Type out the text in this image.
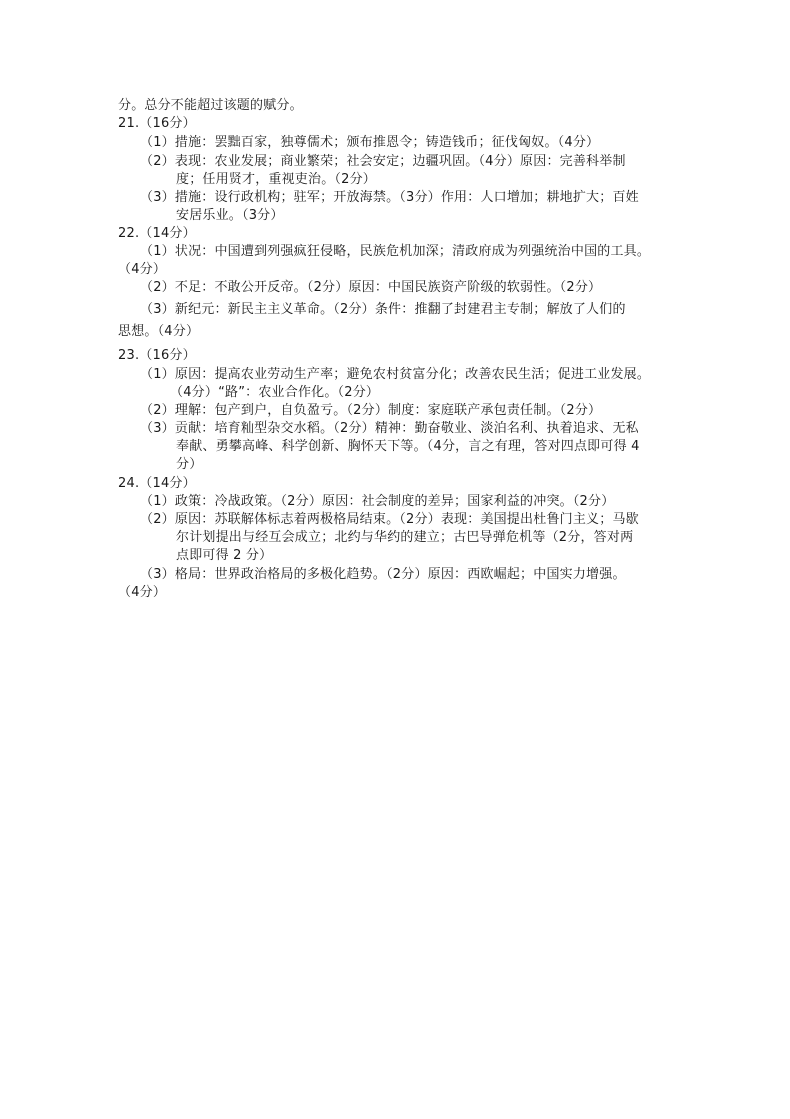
分。总分不能超过该题的赋分。
21.（16分）
（1）措施：罢黜百家，独尊儒术；颁布推恩令；铸造钱币；征伐匈奴。（4分）
（2）表现：农业发展；商业繁荣；社会安定；边疆巩固。（4分）原因：完善科举制
度；任用贤才，重视吏治。（2分）
（3）措施：设行政机构；驻军；开放海禁。（3分）作用：人口增加；耕地扩大；百姓
安居乐业。（3分）
22.（14分）
（1）状况：中国遭到列强疯狂侵略，民族危机加深；清政府成为列强统治中国的工具。
（4分）
（2）不足：不敢公开反帝。（2分）原因：中国民族资产阶级的软弱性。（2分）
（3）新纪元：新民主主义革命。（2分）条件：推翻了封建君主专制；解放了人们的
思想。（4分）
23.（16分）
（1）原因：提高农业劳动生产率；避免农村贫富分化；改善农民生活；促进工业发展。
（4分）“路”：农业合作化。（2分）
（2）理解：包产到户，自负盈亏。（2分）制度：家庭联产承包责任制。（2分）
（3）贡献：培育籼型杂交水稻。（2分）精神：勤奋敬业、淡泊名利、执着追求、无私
奉献、勇攀高峰、科学创新、胸怀天下等。（4分，言之有理，答对四点即可得 4
分）
24.（14分）
（1）政策：冷战政策。（2分）原因：社会制度的差异；国家利益的冲突。（2分）
（2）原因：苏联解体标志着两极格局结束。（2分）表现：美国提出杜鲁门主义；马歇
尔计划提出与经互会成立；北约与华约的建立；古巴导弹危机等（2分，答对两
点即可得 2 分）
（3）格局：世界政治格局的多极化趋势。（2分）原因：西欧崛起；中国实力增强。
（4分）
